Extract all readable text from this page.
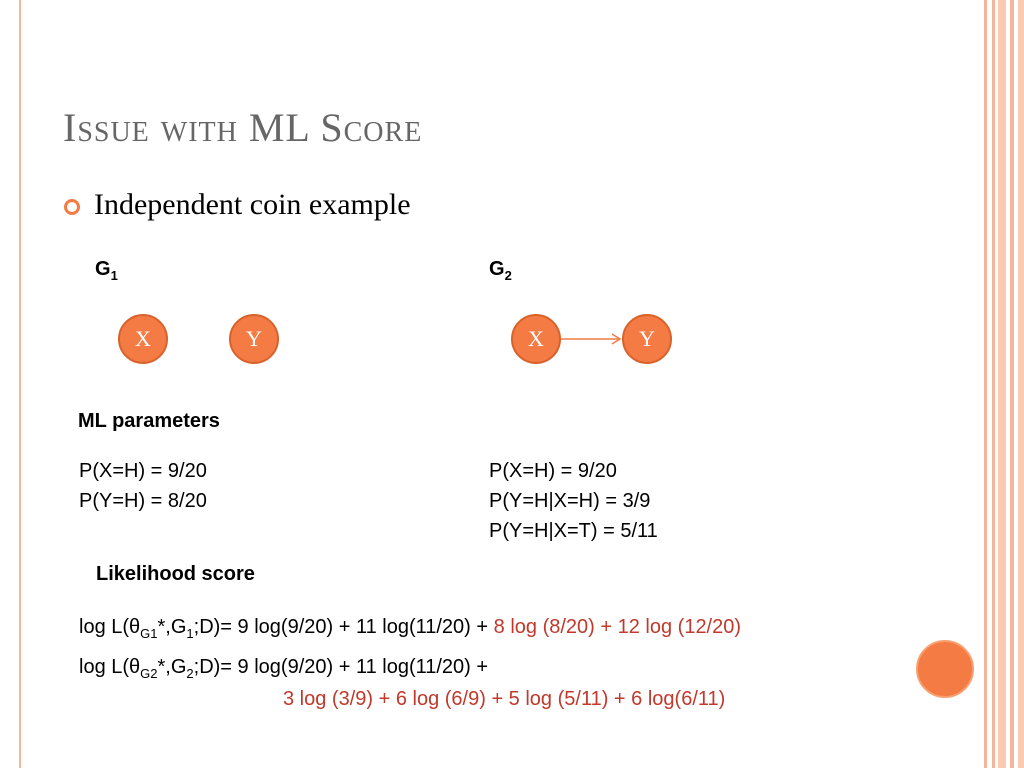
Issue with ML Score
Independent coin example
$G_1$	$G_2$
X	Y	X	Y
ML parameters
P(X=H) = 9/20
P(Y=H) = 8/20
P(X=H) = 9/20
P(Y=H|X=H) = 3/9
P(Y=H|X=T) = 5/11
Likelihood score
$\log L(\theta_{G1}*,G_1;D)= 9$ log(9/20) + 11 log(11/20) + 8 log (8/20) + 12 log (12/20)
$\log L(\theta_{G2}*,G_2;D)= 9$ log(9/20) + 11 log(11/20) +
3 log (3/9) + 6 log (6/9) + 5 log (5/11) + 6 log(6/11)
